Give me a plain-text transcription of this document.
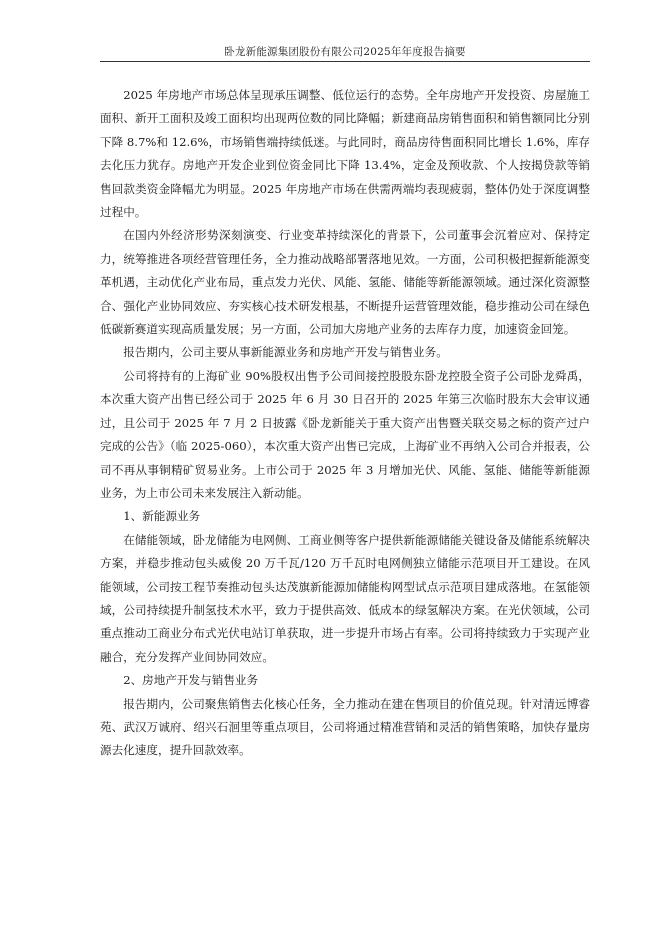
卧龙新能源集团股份有限公司2025年年度报告摘要

2025 年房地产市场总体呈现承压调整、低位运行的态势。全年房地产开发投资、房屋施工面积、新开工面积及竣工面积均出现两位数的同比降幅；新建商品房销售面积和销售额同比分别下降 8.7%和 12.6%，市场销售端持续低迷。与此同时，商品房待售面积同比增长 1.6%，库存去化压力犹存。房地产开发企业到位资金同比下降 13.4%，定金及预收款、个人按揭贷款等销售回款类资金降幅尤为明显。2025 年房地产市场在供需两端均表现疲弱，整体仍处于深度调整过程中。

在国内外经济形势深刻演变、行业变革持续深化的背景下，公司董事会沉着应对、保持定力，统筹推进各项经营管理任务，全力推动战略部署落地见效。一方面，公司积极把握新能源变革机遇，主动优化产业布局，重点发力光伏、风能、氢能、储能等新能源领域。通过深化资源整合、强化产业协同效应、夯实核心技术研发根基，不断提升运营管理效能，稳步推动公司在绿色低碳新赛道实现高质量发展；另一方面，公司加大房地产业务的去库存力度，加速资金回笼。

报告期内，公司主要从事新能源业务和房地产开发与销售业务。

公司将持有的上海矿业 90%股权出售予公司间接控股股东卧龙控股全资子公司卧龙舜禹，本次重大资产出售已经公司于 2025 年 6 月 30 日召开的 2025 年第三次临时股东大会审议通过，且公司于 2025 年 7 月 2 日披露《卧龙新能关于重大资产出售暨关联交易之标的资产过户完成的公告》（临 2025-060），本次重大资产出售已完成，上海矿业不再纳入公司合并报表，公司不再从事铜精矿贸易业务。上市公司于 2025 年 3 月增加光伏、风能、氢能、储能等新能源业务，为上市公司未来发展注入新动能。

1、新能源业务

在储能领域，卧龙储能为电网侧、工商业侧等客户提供新能源储能关键设备及储能系统解决方案，并稳步推动包头威俊 20 万千瓦/120 万千瓦时电网侧独立储能示范项目开工建设。在风能领域，公司按工程节奏推动包头达茂旗新能源加储能构网型试点示范项目建成落地。在氢能领域，公司持续提升制氢技术水平，致力于提供高效、低成本的绿氢解决方案。在光伏领域，公司重点推动工商业分布式光伏电站订单获取，进一步提升市场占有率。公司将持续致力于实现产业融合，充分发挥产业间协同效应。

2、房地产开发与销售业务

报告期内，公司聚焦销售去化核心任务，全力推动在建在售项目的价值兑现。针对清远博睿苑、武汉万诚府、绍兴石洄里等重点项目，公司将通过精准营销和灵活的销售策略，加快存量房源去化速度，提升回款效率。
